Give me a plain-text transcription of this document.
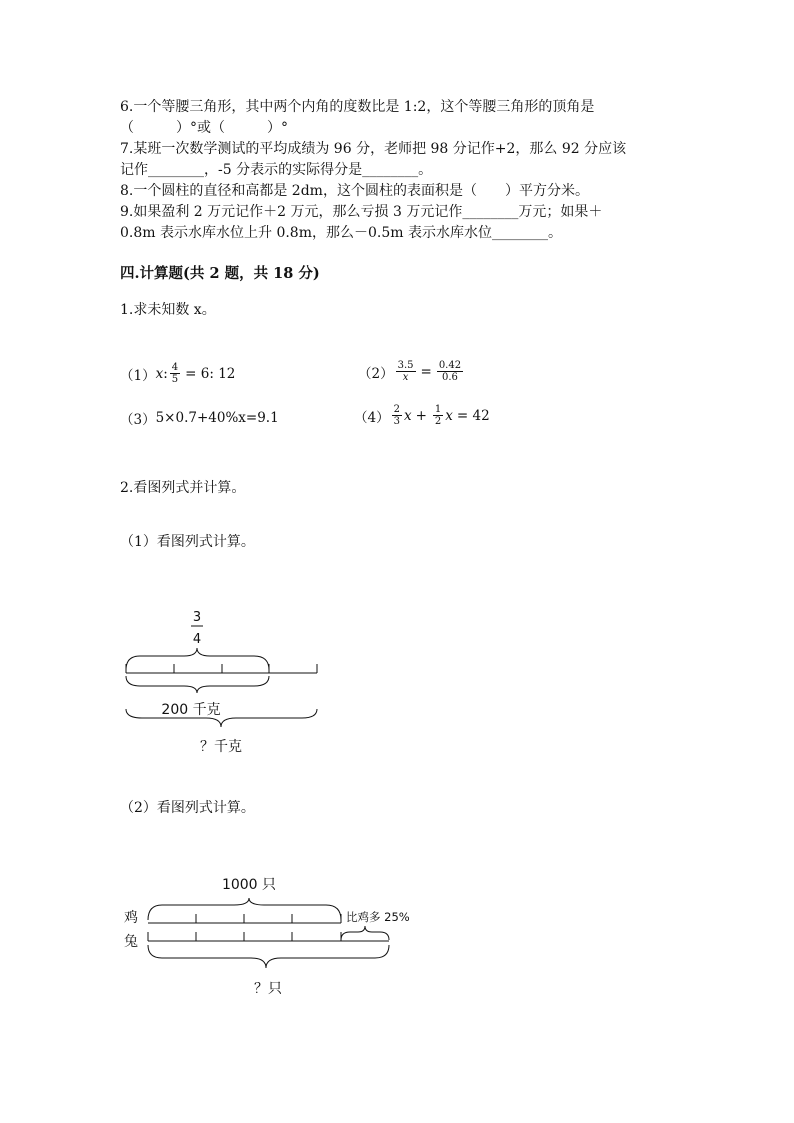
6.一个等腰三角形，其中两个内角的度数比是 1:2，这个等腰三角形的顶角是
（　　　）°或（　　　）°
7.某班一次数学测试的平均成绩为 96 分，老师把 98 分记作+2，那么 92 分应该
记作________，-5 分表示的实际得分是________。
8.一个圆柱的直径和高都是 2dm，这个圆柱的表面积是（　　）平方分米。
9.如果盈利 2 万元记作＋2 万元，那么亏损 3 万元记作________万元；如果＋
0.8m 表示水库水位上升 0.8m，那么－0.5m 表示水库水位________。
四.计算题(共 2 题，共 18 分)
1.求未知数 x。
（1） x : $\frac{4}{5} = 6$: 12	$(2) \frac{3.5}{x} = \frac{0.42}{0.6}$
（3） 5×0.7+40%x=9.1	$(4) \frac{2}{3}$ $x + \frac{1}{2}$ x = 42
2.看图列式并计算。
（1）看图列式计算。
3
4
200 千克
？千克
（2）看图列式计算。
1000 只
鸡	比鸡多 25%
兔
？只
